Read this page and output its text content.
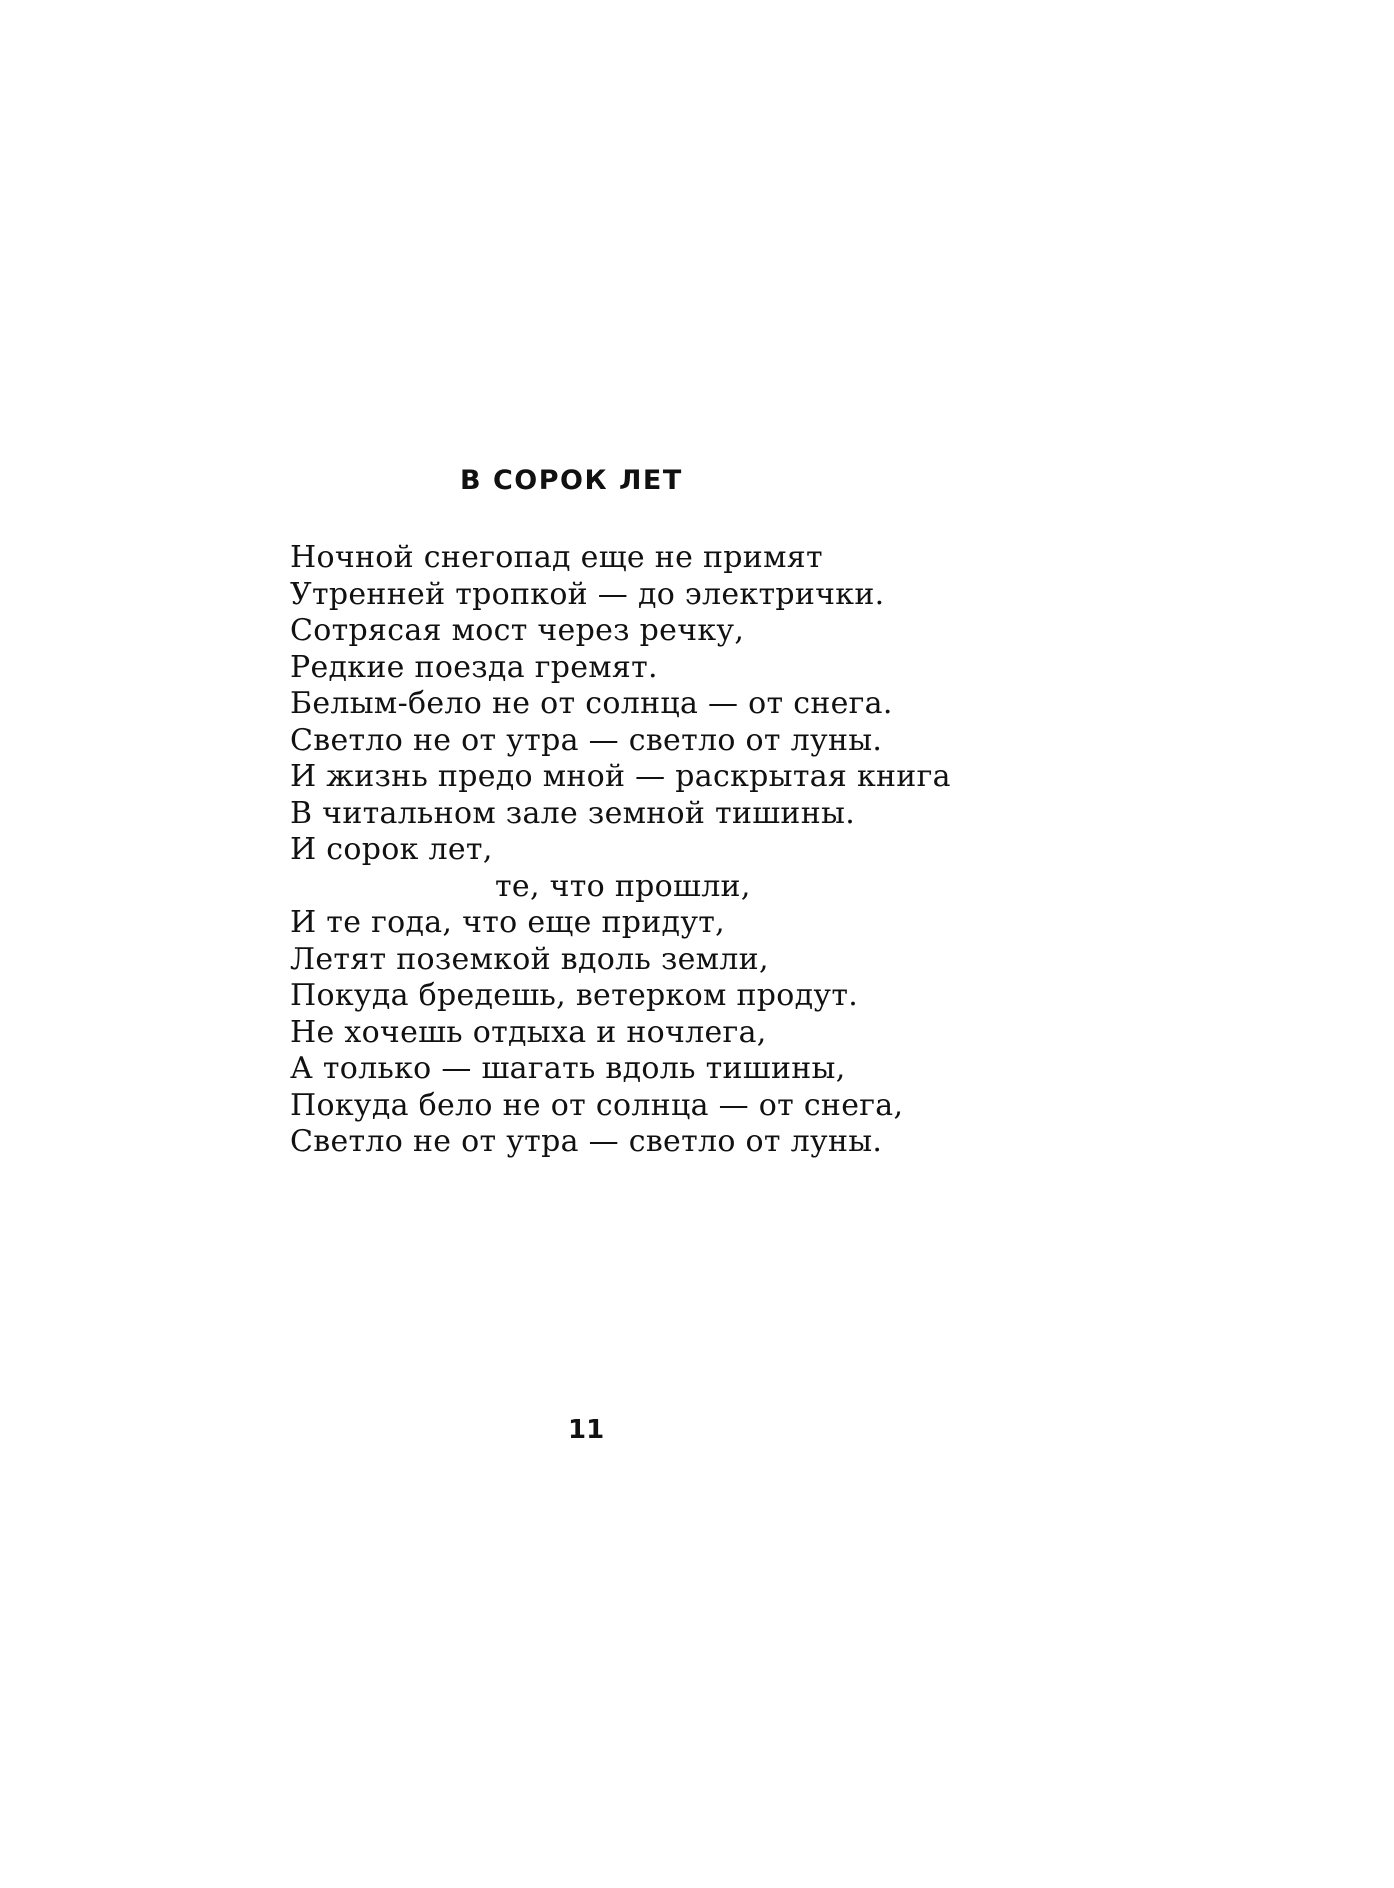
В СОРОК ЛЕТ
Ночной снегопад еще не примят
Утренней тропкой — до электрички.
Сотрясая мост через речку,
Редкие поезда гремят.
Белым-бело не от солнца — от снега.
Светло не от утра — светло от луны.
И жизнь предо мной — раскрытая книга
В читальном зале земной тишины.
И сорок лет,
те, что прошли,
И те года, что еще придут,
Летят поземкой вдоль земли,
Покуда бредешь, ветерком продут.
Не хочешь отдыха и ночлега,
А только — шагать вдоль тишины,
Покуда бело не от солнца — от снега,
Светло не от утра — светло от луны.
11
